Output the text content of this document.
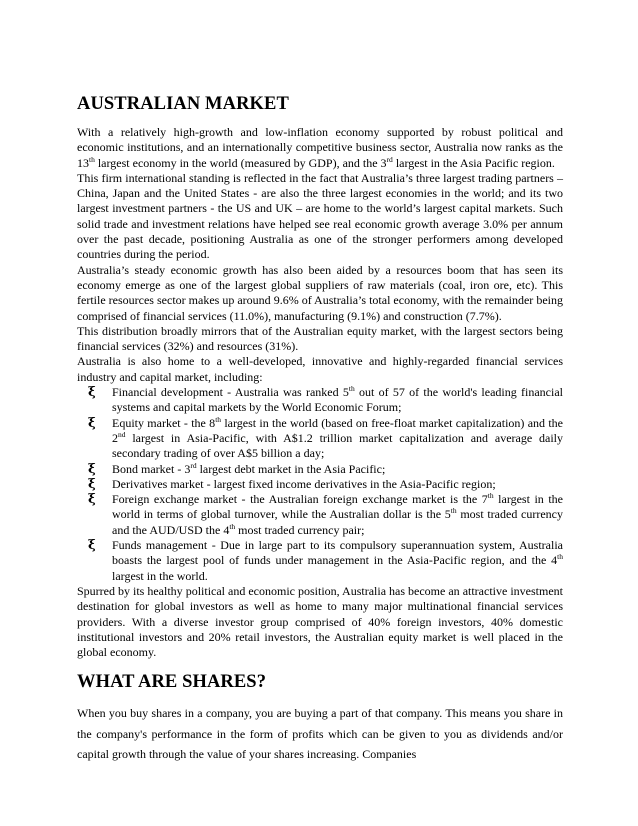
AUSTRALIAN MARKET

With a relatively high-growth and low-inflation economy supported by robust political and economic institutions, and an internationally competitive business sector, Australia now ranks as the 13th largest economy in the world (measured by GDP), and the 3rd largest in the Asia Pacific region.

This firm international standing is reflected in the fact that Australia’s three largest trading partners – China, Japan and the United States - are also the three largest economies in the world; and its two largest investment partners - the US and UK – are home to the world’s largest capital markets. Such solid trade and investment relations have helped see real economic growth average 3.0% per annum over the past decade, positioning Australia as one of the stronger performers among developed countries during the period.

Australia’s steady economic growth has also been aided by a resources boom that has seen its economy emerge as one of the largest global suppliers of raw materials (coal, iron ore, etc). This fertile resources sector makes up around 9.6% of Australia’s total economy, with the remainder being comprised of financial services (11.0%), manufacturing (9.1%) and construction (7.7%).

This distribution broadly mirrors that of the Australian equity market, with the largest sectors being financial services (32%) and resources (31%).

Australia is also home to a well-developed, innovative and highly-regarded financial services industry and capital market, including:

ξ Financial development - Australia was ranked 5th out of 57 of the world's leading financial systems and capital markets by the World Economic Forum;
ξ Equity market - the 8th largest in the world (based on free-float market capitalization) and the 2nd largest in Asia-Pacific, with A$1.2 trillion market capitalization and average daily secondary trading of over A$5 billion a day;
ξ Bond market - 3rd largest debt market in the Asia Pacific;
ξ Derivatives market - largest fixed income derivatives in the Asia-Pacific region;
ξ Foreign exchange market - the Australian foreign exchange market is the 7th largest in the world in terms of global turnover, while the Australian dollar is the 5th most traded currency and the AUD/USD the 4th most traded currency pair;
ξ Funds management - Due in large part to its compulsory superannuation system, Australia boasts the largest pool of funds under management in the Asia-Pacific region, and the 4th largest in the world.

Spurred by its healthy political and economic position, Australia has become an attractive investment destination for global investors as well as home to many major multinational financial services providers. With a diverse investor group comprised of 40% foreign investors, 40% domestic institutional investors and 20% retail investors, the Australian equity market is well placed in the global economy.

WHAT ARE SHARES?

When you buy shares in a company, you are buying a part of that company. This means you share in the company's performance in the form of profits which can be given to you as dividends and/or capital growth through the value of your shares increasing. Companies
